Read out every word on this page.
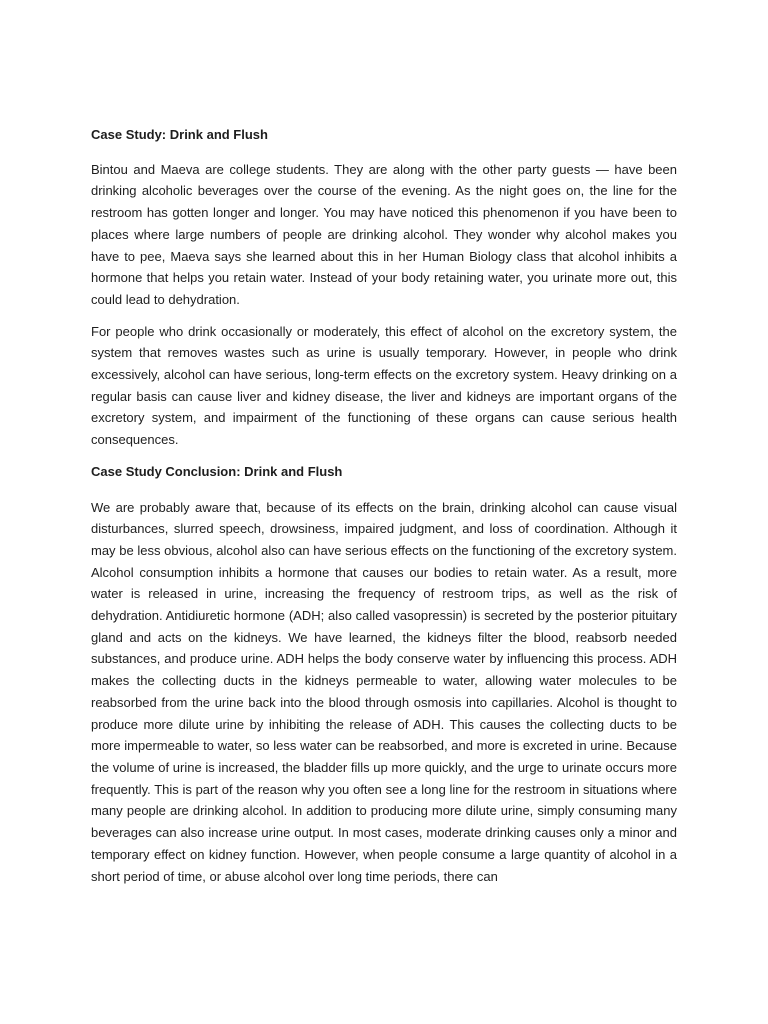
Case Study: Drink and Flush

Bintou and Maeva are college students. They are along with the other party guests — have been drinking alcoholic beverages over the course of the evening. As the night goes on, the line for the restroom has gotten longer and longer. You may have noticed this phenomenon if you have been to places where large numbers of people are drinking alcohol. They wonder why alcohol makes you have to pee, Maeva says she learned about this in her Human Biology class that alcohol inhibits a hormone that helps you retain water. Instead of your body retaining water, you urinate more out, this could lead to dehydration.

For people who drink occasionally or moderately, this effect of alcohol on the excretory system, the system that removes wastes such as urine is usually temporary. However, in people who drink excessively, alcohol can have serious, long-term effects on the excretory system. Heavy drinking on a regular basis can cause liver and kidney disease, the liver and kidneys are important organs of the excretory system, and impairment of the functioning of these organs can cause serious health consequences.

Case Study Conclusion: Drink and Flush

We are probably aware that, because of its effects on the brain, drinking alcohol can cause visual disturbances, slurred speech, drowsiness, impaired judgment, and loss of coordination. Although it may be less obvious, alcohol also can have serious effects on the functioning of the excretory system. Alcohol consumption inhibits a hormone that causes our bodies to retain water. As a result, more water is released in urine, increasing the frequency of restroom trips, as well as the risk of dehydration. Antidiuretic hormone (ADH; also called vasopressin) is secreted by the posterior pituitary gland and acts on the kidneys. We have learned, the kidneys filter the blood, reabsorb needed substances, and produce urine. ADH helps the body conserve water by influencing this process. ADH makes the collecting ducts in the kidneys permeable to water, allowing water molecules to be reabsorbed from the urine back into the blood through osmosis into capillaries. Alcohol is thought to produce more dilute urine by inhibiting the release of ADH. This causes the collecting ducts to be more impermeable to water, so less water can be reabsorbed, and more is excreted in urine. Because the volume of urine is increased, the bladder fills up more quickly, and the urge to urinate occurs more frequently. This is part of the reason why you often see a long line for the restroom in situations where many people are drinking alcohol. In addition to producing more dilute urine, simply consuming many beverages can also increase urine output. In most cases, moderate drinking causes only a minor and temporary effect on kidney function. However, when people consume a large quantity of alcohol in a short period of time, or abuse alcohol over long time periods, there can
